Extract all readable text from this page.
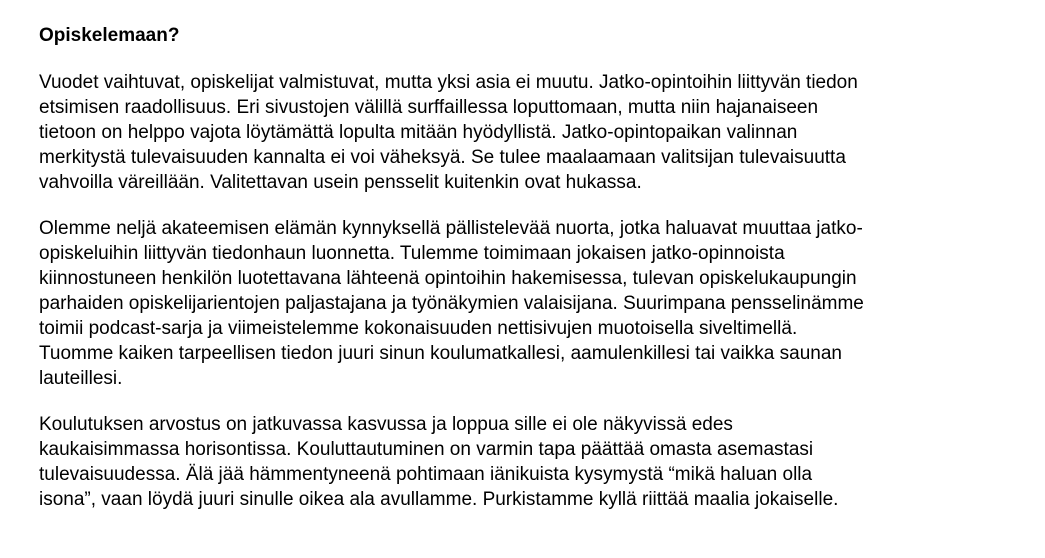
Opiskelemaan?
Vuodet vaihtuvat, opiskelijat valmistuvat, mutta yksi asia ei muutu. Jatko-opintoihin liittyvän tiedon
etsimisen raadollisuus. Eri sivustojen välillä surffaillessa loputtomaan, mutta niin hajanaiseen
tietoon on helppo vajota löytämättä lopulta mitään hyödyllistä. Jatko-opintopaikan valinnan
merkitystä tulevaisuuden kannalta ei voi väheksyä. Se tulee maalaamaan valitsijan tulevaisuutta
vahvoilla väreillään. Valitettavan usein pensselit kuitenkin ovat hukassa.
Olemme neljä akateemisen elämän kynnyksellä pällistelevää nuorta, jotka haluavat muuttaa jatko-
opiskeluihin liittyvän tiedonhaun luonnetta. Tulemme toimimaan jokaisen jatko-opinnoista
kiinnostuneen henkilön luotettavana lähteenä opintoihin hakemisessa, tulevan opiskelukaupungin
parhaiden opiskelijarientojen paljastajana ja työnäkymien valaisijana. Suurimpana pensselinämme
toimii podcast-sarja ja viimeistelemme kokonaisuuden nettisivujen muotoisella siveltimellä.
Tuomme kaiken tarpeellisen tiedon juuri sinun koulumatkallesi, aamulenkillesi tai vaikka saunan
lauteillesi.
Koulutuksen arvostus on jatkuvassa kasvussa ja loppua sille ei ole näkyvissä edes
kaukaisimmassa horisontissa. Kouluttautuminen on varmin tapa päättää omasta asemastasi
tulevaisuudessa. Älä jää hämmentyneenä pohtimaan iänikuista kysymystä “mikä haluan olla
isona”, vaan löydä juuri sinulle oikea ala avullamme. Purkistamme kyllä riittää maalia jokaiselle.
